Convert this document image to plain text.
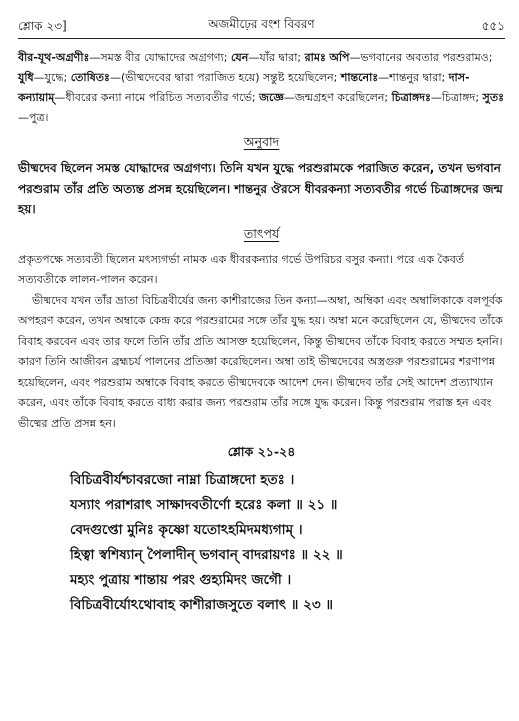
শ্লোক ২৩]	অজমীঢ়ের বংশ বিবরণ	৫৫১
বীর-যূথ-অগ্রণীঃ—সমস্ত বীর যোদ্ধাদের অগ্রগণ্য; যেন—যাঁর দ্বারা; রামঃ অপি—ভগবানের অবতার পরশুরামও; যুধি—যুদ্ধে; তোষিতঃ—(ভীষ্মদেবের দ্বারা পরাজিত হয়ে) সন্তুষ্ট হয়েছিলেন; শান্তনোঃ—শান্তনুর দ্বারা; দাস-কন্যায়াম্—ধীবরের কন্যা নামে পরিচিত সত্যবতীর গর্ভে; জজ্ঞে—জন্মগ্রহণ করেছিলেন; চিত্রাঙ্গদঃ—চিত্রাঙ্গদ; সুতঃ—পুত্র।
অনুবাদ

ভীষ্মদেব ছিলেন সমস্ত যোদ্ধাদের অগ্রগণ্য। তিনি যখন যুদ্ধে পরশুরামকে পরাজিত করেন, তখন ভগবান পরশুরাম তাঁর প্রতি অত্যন্ত প্রসন্ন হয়েছিলেন। শান্তনুর ঔরসে ধীবরকন্যা সত্যবতীর গর্ভে চিত্রাঙ্গদের জন্ম হয়।

তাৎপর্য

প্রকৃতপক্ষে সত্যবতী ছিলেন মৎস্যগর্ভা নামক এক ধীবরকন্যার গর্ভে উপরিচর বসুর কন্যা। পরে এক কৈবর্ত সত্যবতীকে লালন-পালন করেন।

ভীষ্মদেব যখন তাঁর ভ্রাতা বিচিত্রবীর্যের জন্য কাশীরাজের তিন কন্যা—অম্বা, অম্বিকা এবং অম্বালিকাকে বলপূর্বক অপহরণ করেন, তখন অম্বাকে কেন্দ্র করে পরশুরামের সঙ্গে তাঁর যুদ্ধ হয়। অম্বা মনে করেছিলেন যে, ভীষ্মদেব তাঁকে বিবাহ করবেন এবং তার ফলে তিনি তাঁর প্রতি আসক্ত হয়েছিলেন, কিন্তু ভীষ্মদেব তাঁকে বিবাহ করতে সম্মত হননি। কারণ তিনি আজীবন ব্রহ্মচর্য পালনের প্রতিজ্ঞা করেছিলেন। অম্বা তাই ভীষ্মদেবের অস্ত্রগুরু পরশুরামের শরণাপন্ন হয়েছিলেন, এবং পরশুরাম অম্বাকে বিবাহ করতে ভীষ্মদেবকে আদেশ দেন। ভীষ্মদেব তাঁর সেই আদেশ প্রত্যাখ্যান করেন, এবং তাঁকে বিবাহ করতে বাধ্য করার জন্য পরশুরাম তাঁর সঙ্গে যুদ্ধ করেন। কিন্তু পরশুরাম পরাস্ত হন এবং ভীষ্মের প্রতি প্রসন্ন হন।

শ্লোক ২১-২৪
বিচিত্রবীর্যশ্চাবরজো নাম্না চিত্রাঙ্গদো হতঃ ।
যস্যাং পরাশরাৎ সাক্ষাদবতীর্ণো হরেঃ কলা ॥ ২১ ॥
বেদগুপ্তো মুনিঃ কৃষ্ণো যতোঽহমিদমধ্যগাম্ ।
হিত্বা স্বশিষ্যান্ পৈলাদীন্ ভগবান্ বাদরায়ণঃ ॥ ২২ ॥
মহ্যং পুত্রায় শান্তায় পরং গুহ্যমিদং জগৌ ।
বিচিত্রবীর্যোঽথোবাহ কাশীরাজসুতে বলাৎ ॥ ২৩ ॥
